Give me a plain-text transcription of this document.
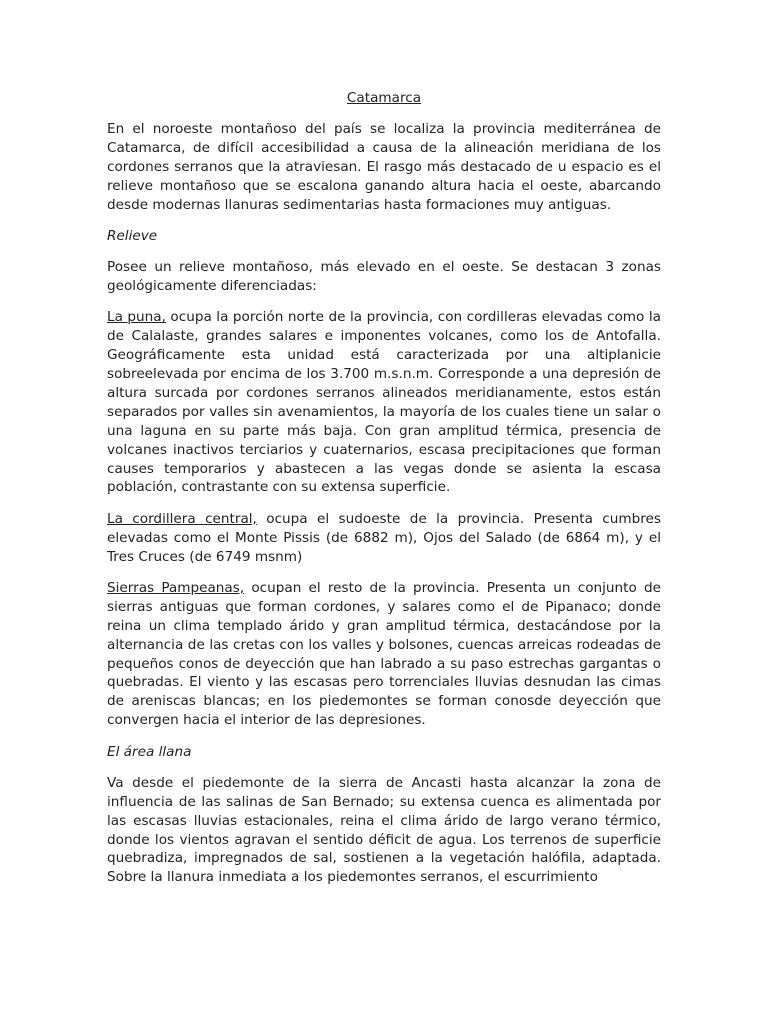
Catamarca

En el noroeste montañoso del país se localiza la provincia mediterránea de Catamarca, de difícil accesibilidad a causa de la alineación meridiana de los cordones serranos que la atraviesan. El rasgo más destacado de u espacio es el relieve montañoso que se escalona ganando altura hacia el oeste, abarcando desde modernas llanuras sedimentarias hasta formaciones muy antiguas.

Relieve

Posee un relieve montañoso, más elevado en el oeste. Se destacan 3 zonas geológicamente diferenciadas:

La puna, ocupa la porción norte de la provincia, con cordilleras elevadas como la de Calalaste, grandes salares e imponentes volcanes, como los de Antofalla. Geográficamente esta unidad está caracterizada por una altiplanicie sobreelevada por encima de los 3.700 m.s.n.m. Corresponde a una depresión de altura surcada por cordones serranos alineados meridianamente, estos están separados por valles sin avenamientos, la mayoría de los cuales tiene un salar o una laguna en su parte más baja. Con gran amplitud térmica, presencia de volcanes inactivos terciarios y cuaternarios, escasa precipitaciones que forman causes temporarios y abastecen a las vegas donde se asienta la escasa población, contrastante con su extensa superficie.

La cordillera central, ocupa el sudoeste de la provincia. Presenta cumbres elevadas como el Monte Pissis (de 6882 m), Ojos del Salado (de 6864 m), y el Tres Cruces (de 6749 msnm)

Sierras Pampeanas, ocupan el resto de la provincia. Presenta un conjunto de sierras antiguas que forman cordones, y salares como el de Pipanaco; donde reina un clima templado árido y gran amplitud térmica, destacándose por la alternancia de las cretas con los valles y bolsones, cuencas arreicas rodeadas de pequeños conos de deyección que han labrado a su paso estrechas gargantas o quebradas. El viento y las escasas pero torrenciales lluvias desnudan las cimas de areniscas blancas; en los piedemontes se forman conosde deyección que convergen hacia el interior de las depresiones.

El área llana

Va desde el piedemonte de la sierra de Ancasti hasta alcanzar la zona de influencia de las salinas de San Bernado; su extensa cuenca es alimentada por las escasas lluvias estacionales, reina el clima árido de largo verano térmico, donde los vientos agravan el sentido déficit de agua. Los terrenos de superficie quebradiza, impregnados de sal, sostienen a la vegetación halófila, adaptada. Sobre la llanura inmediata a los piedemontes serranos, el escurrimiento
